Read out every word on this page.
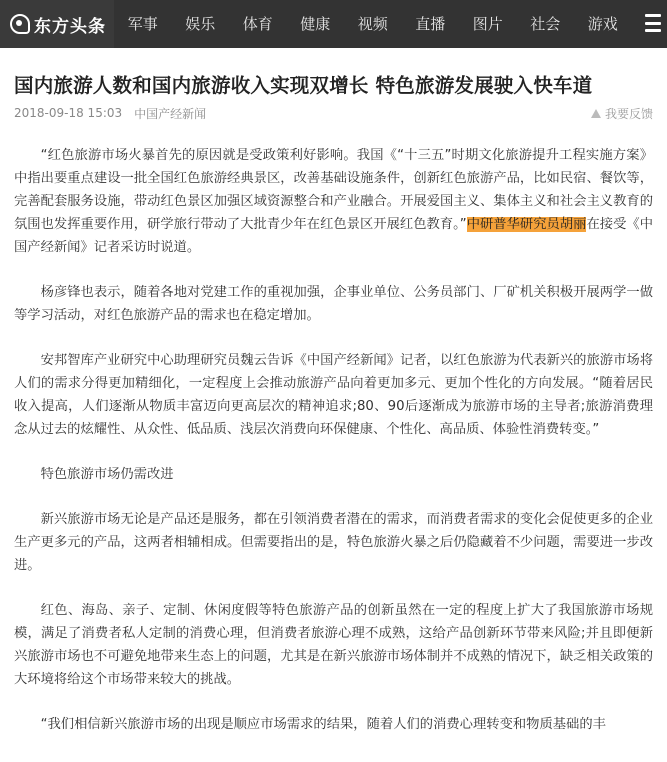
东方头条	军事	娱乐	体育	健康	视频	直播	图片	社会	游戏
国内旅游人数和国内旅游收入实现双增长 特色旅游发展驶入快车道
2018-09-18 15:03 中国产经新闻	我要反馈

“红色旅游市场火暴首先的原因就是受政策利好影响。我国《“十三五”时期文化旅游提升工程实施方案》中指出要重点建设一批全国红色旅游经典景区，改善基础设施条件，创新红色旅游产品，比如民宿、餐饮等，完善配套服务设施，带动红色景区加强区域资源整合和产业融合。开展爱国主义、集体主义和社会主义教育的氛围也发挥重要作用，研学旅行带动了大批青少年在红色景区开展红色教育。”中研普华研究员胡丽在接受《中国产经新闻》记者采访时说道。

杨彦锋也表示，随着各地对党建工作的重视加强，企事业单位、公务员部门、厂矿机关积极开展两学一做等学习活动，对红色旅游产品的需求也在稳定增加。

安邦智库产业研究中心助理研究员魏云告诉《中国产经新闻》记者，以红色旅游为代表新兴的旅游市场将人们的需求分得更加精细化，一定程度上会推动旅游产品向着更加多元、更加个性化的方向发展。“随着居民收入提高，人们逐渐从物质丰富迈向更高层次的精神追求;80、90后逐渐成为旅游市场的主导者;旅游消费理念从过去的炫耀性、从众性、低品质、浅层次消费向环保健康、个性化、高品质、体验性消费转变。”

特色旅游市场仍需改进

新兴旅游市场无论是产品还是服务，都在引领消费者潜在的需求，而消费者需求的变化会促使更多的企业生产更多元的产品，这两者相辅相成。但需要指出的是，特色旅游火暴之后仍隐藏着不少问题，需要进一步改进。

红色、海岛、亲子、定制、休闲度假等特色旅游产品的创新虽然在一定的程度上扩大了我国旅游市场规模，满足了消费者私人定制的消费心理，但消费者旅游心理不成熟，这给产品创新环节带来风险;并且即便新兴旅游市场也不可避免地带来生态上的问题，尤其是在新兴旅游市场体制并不成熟的情况下，缺乏相关政策的大环境将给这个市场带来较大的挑战。

“我们相信新兴旅游市场的出现是顺应市场需求的结果，随着人们的消费心理转变和物质基础的丰
